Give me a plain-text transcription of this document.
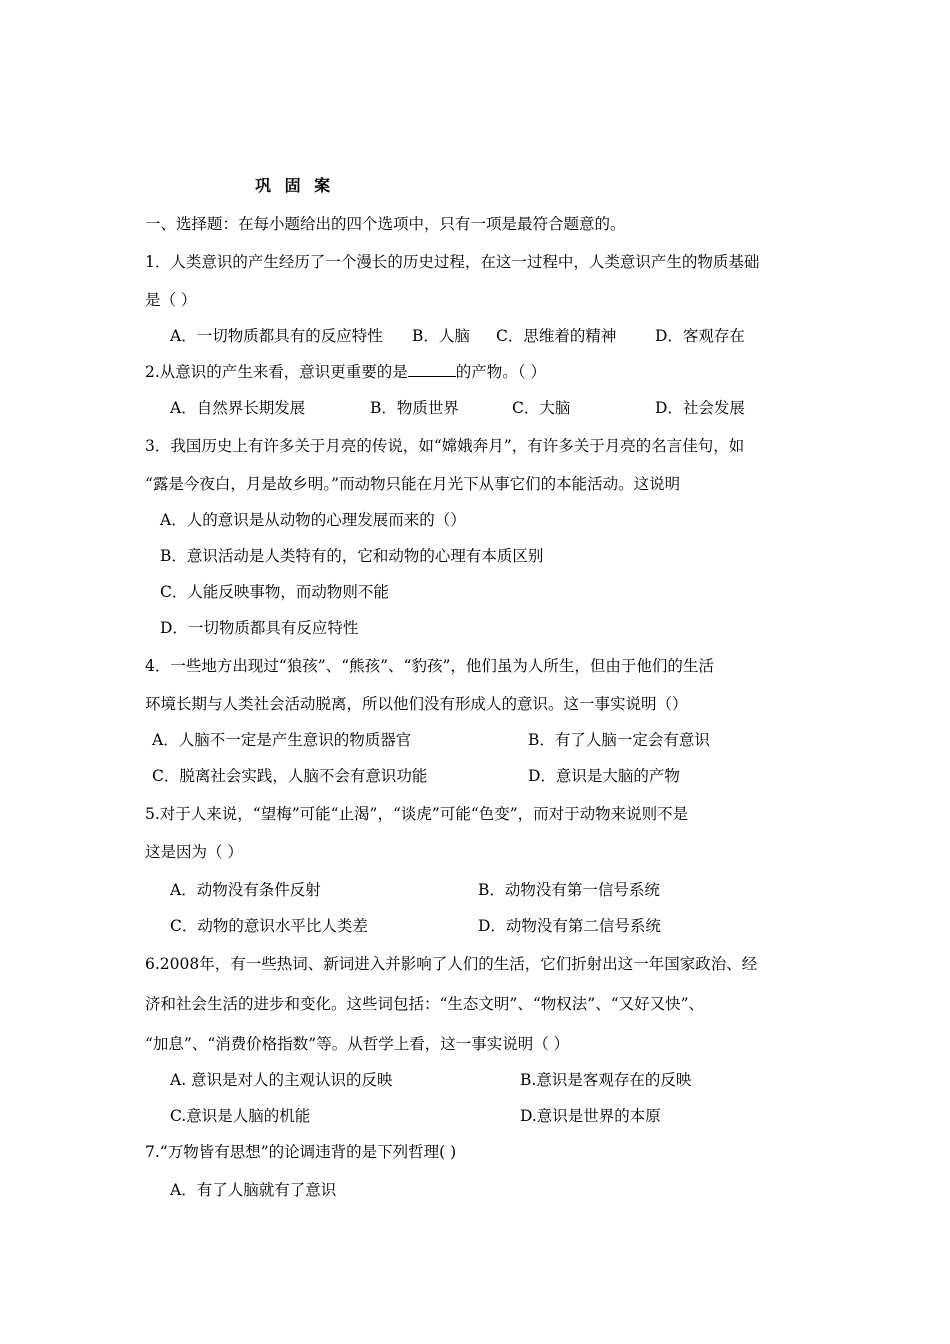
巩 固 案
一、选择题：在每小题给出的四个选项中，只有一项是最符合题意的。
1．人类意识的产生经历了一个漫长的历史过程，在这一过程中，人类意识产生的物质基础
是（ ）
A．一切物质都具有的反应特性 B．人脑 C．思维着的精神 D．客观存在
2.从意识的产生来看，意识更重要的是	的产物。（ ）
A．自然界长期发展	B．物质世界	C．大脑	D．社会发展
3．我国历史上有许多关于月亮的传说，如“嫦娥奔月”，有许多关于月亮的名言佳句，如
“露是今夜白，月是故乡明。”而动物只能在月光下从事它们的本能活动。这说明
A．人的意识是从动物的心理发展而来的（）
B．意识活动是人类特有的，它和动物的心理有本质区别
C．人能反映事物，而动物则不能
D．一切物质都具有反应特性
4．一些地方出现过“狼孩”、“熊孩”、“豹孩”，他们虽为人所生，但由于他们的生活
环境长期与人类社会活动脱离，所以他们没有形成人的意识。这一事实说明（）
A．人脑不一定是产生意识的物质器官	B．有了人脑一定会有意识
C．脱离社会实践，人脑不会有意识功能	D．意识是大脑的产物
5.对于人来说，“望梅”可能“止渴”，“谈虎”可能“色变”，而对于动物来说则不是
这是因为（ ）
A．动物没有条件反射	B．动物没有第一信号系统
C．动物的意识水平比人类差	D．动物没有第二信号系统
6.2008年，有一些热词、新词进入并影响了人们的生活，它们折射出这一年国家政治、经
济和社会生活的进步和变化。这些词包括：“生态文明”、“物权法”、“又好又快”、
“加息”、“消费价格指数”等。从哲学上看，这一事实说明（ ）
A. 意识是对人的主观认识的反映	B.意识是客观存在的反映
C.意识是人脑的机能	D.意识是世界的本原
7.“万物皆有思想”的论调违背的是下列哲理( )
A．有了人脑就有了意识
